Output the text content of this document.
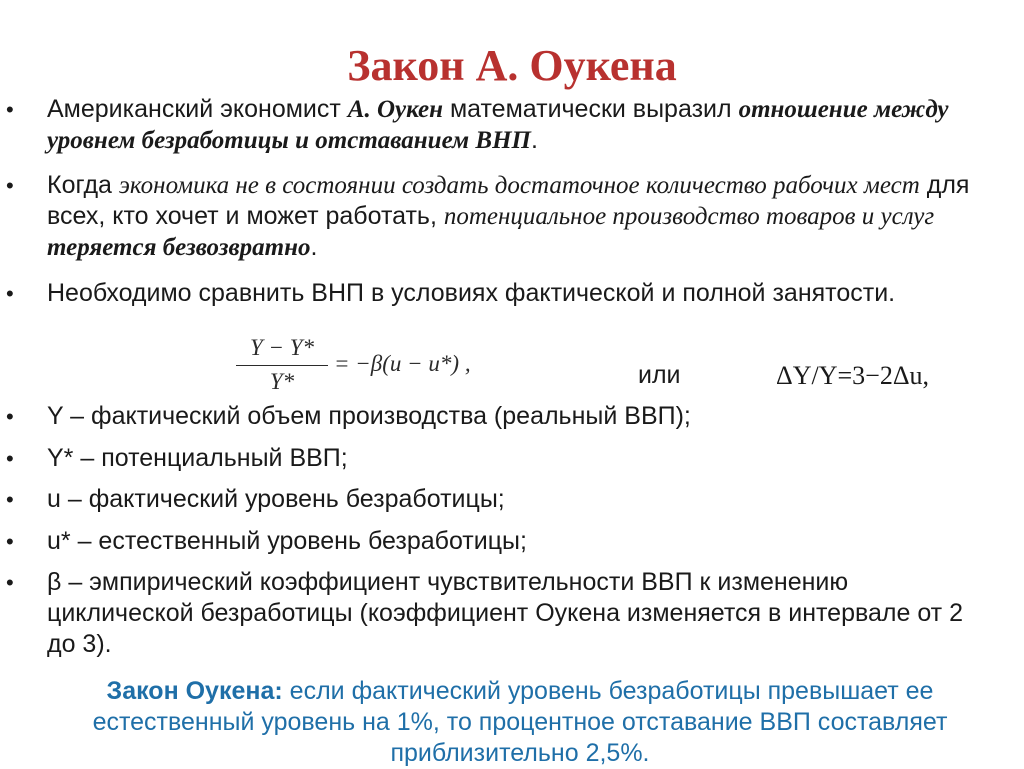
Закон А. Оукена
• Американский экономист А. Оукен математически выразил отношение между уровнем безработицы и отставанием ВНП.
• Когда экономика не в состоянии создать достаточное количество рабочих мест для всех, кто хочет и может работать, потенциальное производство товаров и услуг теряется безвозвратно.
• Необходимо сравнить ВНП в условиях фактической и полной занятости.
• Y – фактический объем производства (реальный ВВП);
• Y* – потенциальный ВВП;
• u – фактический уровень безработицы;
• u* – естественный уровень безработицы;
• β – эмпирический коэффициент чувствительности ВВП к изменению циклической безработицы (коэффициент Оукена изменяется в интервале от 2 до 3).
Y − Y*
Y*
= −β(u − u*) ,	или	ΔY/Y=3−2Δu,
Закон Оукена: если фактический уровень безработицы превышает ее естественный уровень на 1%, то процентное отставание ВВП составляет приблизительно 2,5%.
